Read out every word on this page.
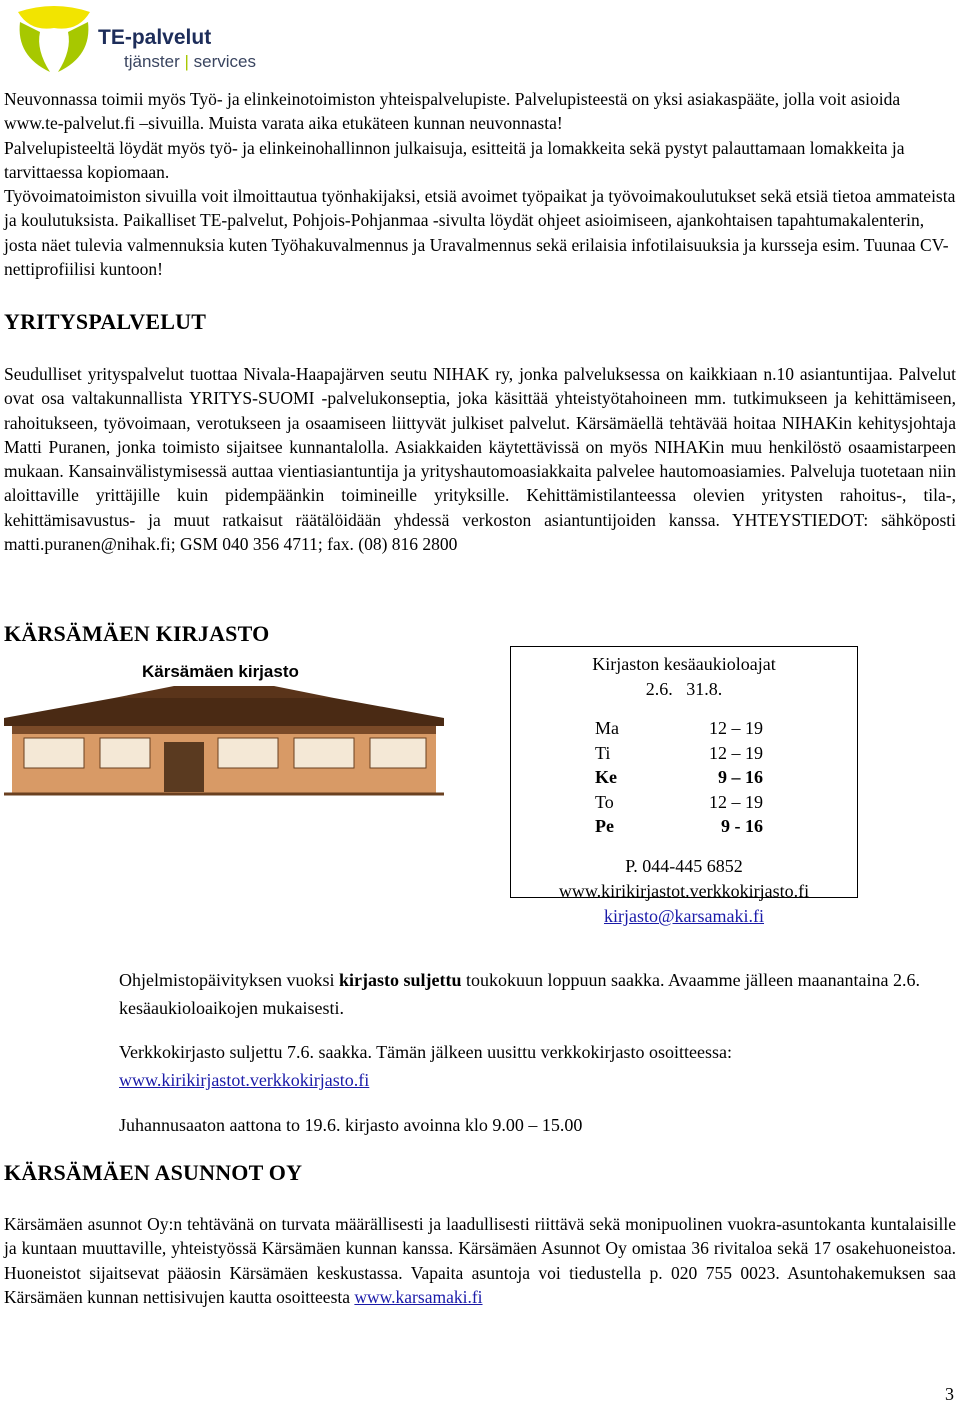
TE-palvelut
tjänster | services

Neuvonnassa toimii myös Työ- ja elinkeinotoimiston yhteispalvelupiste. Palvelupisteestä on yksi asiakaspääte, jolla voit asioida www.te-palvelut.fi –sivuilla. Muista varata aika etukäteen kunnan neuvonnasta!

Palvelupisteeltä löydät myös työ- ja elinkeinohallinnon julkaisuja, esitteitä ja lomakkeita sekä pystyt palauttamaan lomakkeita ja tarvittaessa kopiomaan.

Työvoimatoimiston sivuilla voit ilmoittautua työnhakijaksi, etsiä avoimet työpaikat ja työvoimakoulutukset sekä etsiä tietoa ammateista ja koulutuksista. Paikalliset TE-palvelut, Pohjois-Pohjanmaa -sivulta löydät ohjeet asioimiseen, ajankohtaisen tapahtumakalenterin, josta näet tulevia valmennuksia kuten Työhakuvalmennus ja Uravalmennus sekä erilaisia infotilaisuuksia ja kursseja esim. Tuunaa CV-nettiprofiilisi kuntoon!

YRITYSPALVELUT

Seudulliset yrityspalvelut tuottaa Nivala-Haapajärven seutu NIHAK ry, jonka palveluksessa on kaikkiaan n.10 asiantuntijaa. Palvelut ovat osa valtakunnallista YRITYS-SUOMI -palvelukonseptia, joka käsittää yhteistyötahoineen mm. tutkimukseen ja kehittämiseen, rahoitukseen, työvoimaan, verotukseen ja osaamiseen liittyvät julkiset palvelut. Kärsämäellä tehtävää hoitaa NIHAKin kehitysjohtaja Matti Puranen, jonka toimisto sijaitsee kunnantalolla. Asiakkaiden käytettävissä on myös NIHAKin muu henkilöstö osaamistarpeen mukaan. Kansainvälistymisessä auttaa vientiasiantuntija ja yrityshautomoasiakkaita palvelee hautomoasiamies. Palveluja tuotetaan niin aloittaville yrittäjille kuin pidempäänkin toimineille yrityksille. Kehittämistilanteessa olevien yritysten rahoitus-, tila-, kehittämisavustus- ja muut ratkaisut räätälöidään yhdessä verkoston asiantuntijoiden kanssa. YHTEYSTIEDOT: sähköposti matti.puranen@nihak.fi; GSM 040 356 4711; fax. (08) 816 2800

KÄRSÄMÄEN KIRJASTO
Kärsämäen kirjasto	Kirjaston kesäaukioloajat
2.6.   31.8.
Ma	12 – 19
Ti	12 – 19
Ke	9 – 16
To	12 – 19
Pe	9 - 16
P. 044-445 6852
www.kirikirjastot.verkkokirjasto.fi
kirjasto@karsamaki.fi

Ohjelmistopäivityksen vuoksi kirjasto suljettu toukokuun loppuun saakka. Avaamme jälleen maanantaina 2.6. kesäaukioloaikojen mukaisesti.

Verkkokirjasto suljettu 7.6. saakka. Tämän jälkeen uusittu verkkokirjasto osoitteessa:
www.kirikirjastot.verkkokirjasto.fi

Juhannusaaton aattona to 19.6. kirjasto avoinna klo 9.00 – 15.00

KÄRSÄMÄEN ASUNNOT OY

Kärsämäen asunnot Oy:n tehtävänä on turvata määrällisesti ja laadullisesti riittävä sekä monipuolinen vuokra-asuntokanta kuntalaisille ja kuntaan muuttaville, yhteistyössä Kärsämäen kunnan kanssa. Kärsämäen Asunnot Oy omistaa 36 rivitaloa sekä 17 osakehuoneistoa. Huoneistot sijaitsevat pääosin Kärsämäen keskustassa. Vapaita asuntoja voi tiedustella p. 020 755 0023. Asuntohakemuksen saa Kärsämäen kunnan nettisivujen kautta osoitteesta www.karsamaki.fi

3
